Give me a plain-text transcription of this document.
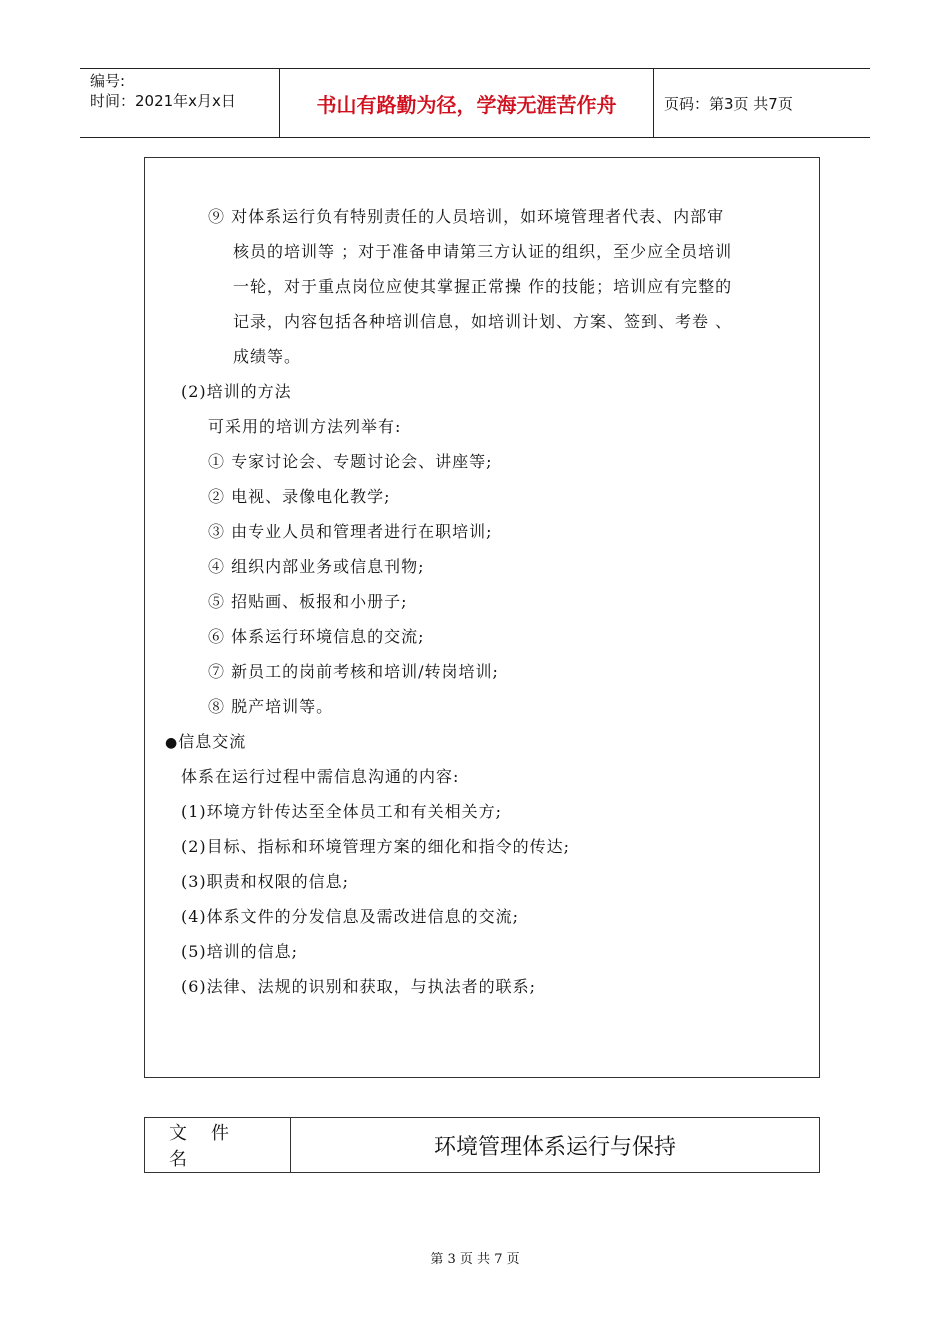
编号:
时间：2021年x月x日	书山有路勤为径，学海无涯苦作舟	页码：第3页 共7页
⑨ 对体系运行负有特别责任的人员培训，如环境管理者代表、内部审
核员的培训等 ；对于准备申请第三方认证的组织，至少应全员培训
一轮，对于重点岗位应使其掌握正常操 作的技能；培训应有完整的
记录，内容包括各种培训信息，如培训计划、方案、签到、考卷 、
成绩等。
(2)培训的方法
可采用的培训方法列举有:
① 专家讨论会、专题讨论会、讲座等;
② 电视、录像电化教学;
③ 由专业人员和管理者进行在职培训;
④ 组织内部业务或信息刊物;
⑤ 招贴画、板报和小册子;
⑥ 体系运行环境信息的交流;
⑦ 新员工的岗前考核和培训/转岗培训;
⑧ 脱产培训等。
●信息交流
体系在运行过程中需信息沟通的内容:
(1)环境方针传达至全体员工和有关相关方;
(2)目标、指标和环境管理方案的细化和指令的传达;
(3)职责和权限的信息;
(4)体系文件的分发信息及需改进信息的交流;
(5)培训的信息;
(6)法律、法规的识别和获取，与执法者的联系;
文件名	环境管理体系运行与保持
第 3 页 共 7 页
